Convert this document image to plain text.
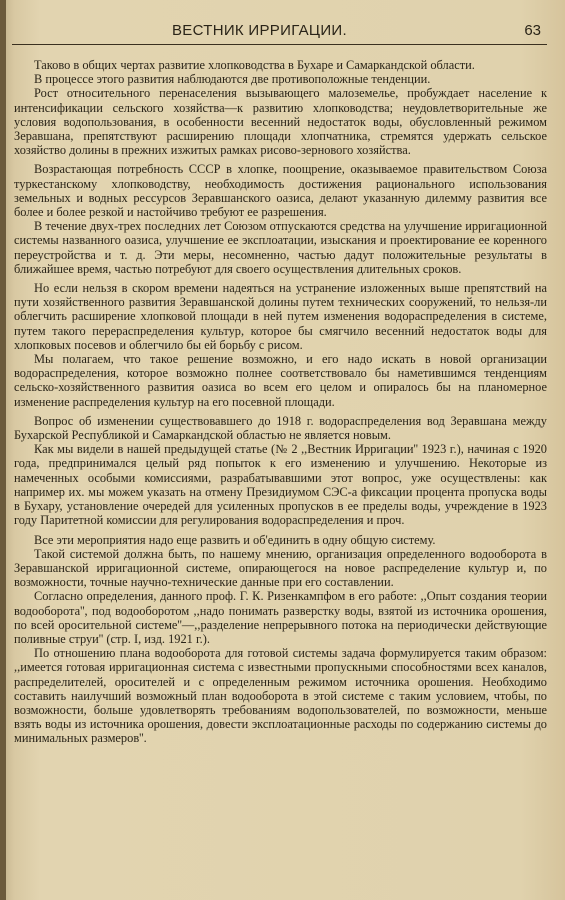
ВЕСТНИК ИРРИГАЦИИ.	63

Таково в общих чертах развитие хлопководства в Бухаре и Самаркандской области.

В процессе этого развития наблюдаются две противоположные тенденции.

Рост относительного перенаселения вызывающего малоземелье, пробуждает население к интенсификации сельского хозяйства—к развитию хлопководства; неудовлетворительные же условия водопользования, в особенности весенний недостаток воды, обусловленный режимом Зеравшана, препятствуют расширению площади хлопчатника, стремятся удержать сельское хозяйство долины в прежних изжитых рамках рисово-зернового хозяйства.

Возрастающая потребность СССР в хлопке, поощрение, оказываемое правительством Союза туркестанскому хлопководству, необходимость достижения рационального использования земельных и водных рессурсов Зеравшанского оазиса, делают указанную дилемму развития все более и более резкой и настойчиво требуют ее разрешения.

В течение двух-трех последних лет Союзом отпускаются средства на улучшение ирригационной системы названного оазиса, улучшение ее эксплоатации, изыскания и проектирование ее коренного переустройства и т. д. Эти меры, несомненно, частью дадут положительные результаты в ближайшее время, частью потребуют для своего осуществления длительных сроков.

Но если нельзя в скором времени надеяться на устранение изложенных выше препятствий на пути хозяйственного развития Зеравшанской долины путем технических сооружений, то нельзя-ли облегчить расширение хлопковой площади в ней путем изменения водораспределения в системе, путем такого перераспределения культур, которое бы смягчило весенний недостаток воды для хлопковых посевов и облегчило бы ей борьбу с рисом.

Мы полагаем, что такое решение возможно, и его надо искать в новой организации водораспределения, которое возможно полнее соответствовало бы наметившимся тенденциям сельско-хозяйственного развития оазиса во всем его целом и опиралось бы на планомерное изменение распределения культур на его посевной площади.

Вопрос об изменении существовавшего до 1918 г. водораспределения вод Зеравшана между Бухарской Республикой и Самаркандской областью не является новым.

Как мы видели в нашей предыдущей статье (№ 2 ,,Вестник Ирригации'' 1923 г.), начиная с 1920 года, предпринимался целый ряд попыток к его изменению и улучшению. Некоторые из намеченных особыми комиссиями, разрабатывавшими этот вопрос, уже осуществлены: как например их. мы можем указать на отмену Президиумом СЭС-а фиксации процента пропуска воды в Бухару, установление очередей для усиленных пропусков в ее пределы воды, учреждение в 1923 году Паритетной комиссии для регулирования водораспределения и проч.

Все эти мероприятия надо еще развить и об'единить в одну общую систему.

Такой системой должна быть, по нашему мнению, организация определенного водооборота в Зеравшанской ирригационной системе, опирающегося на новое распределение культур и, по возможности, точные научно-технические данные при его составлении.

Согласно определения, данного проф. Г. К. Ризенкампфом в его работе: ,,Опыт создания теории водооборота'', под водооборотом ,,надо понимать разверстку воды, взятой из источника орошения, по всей оросительной системе''—,,разделение непрерывного потока на периодически действующие поливные струи'' (стр. I, изд. 1921 г.).

По отношению плана водооборота для готовой системы задача формулируется таким образом: ,,имеется готовая ирригационная система с известными пропускными способностями всех каналов, распределителей, оросителей и с определенным режимом источника орошения. Необходимо составить наилучший возможный план водооборота в этой системе с таким условием, чтобы, по возможности, больше удовлетворять требованиям водопользователей, по возможности, меньше взять воды из источника орошения, довести эксплоатационные расходы по содержанию системы до минимальных размеров''.
